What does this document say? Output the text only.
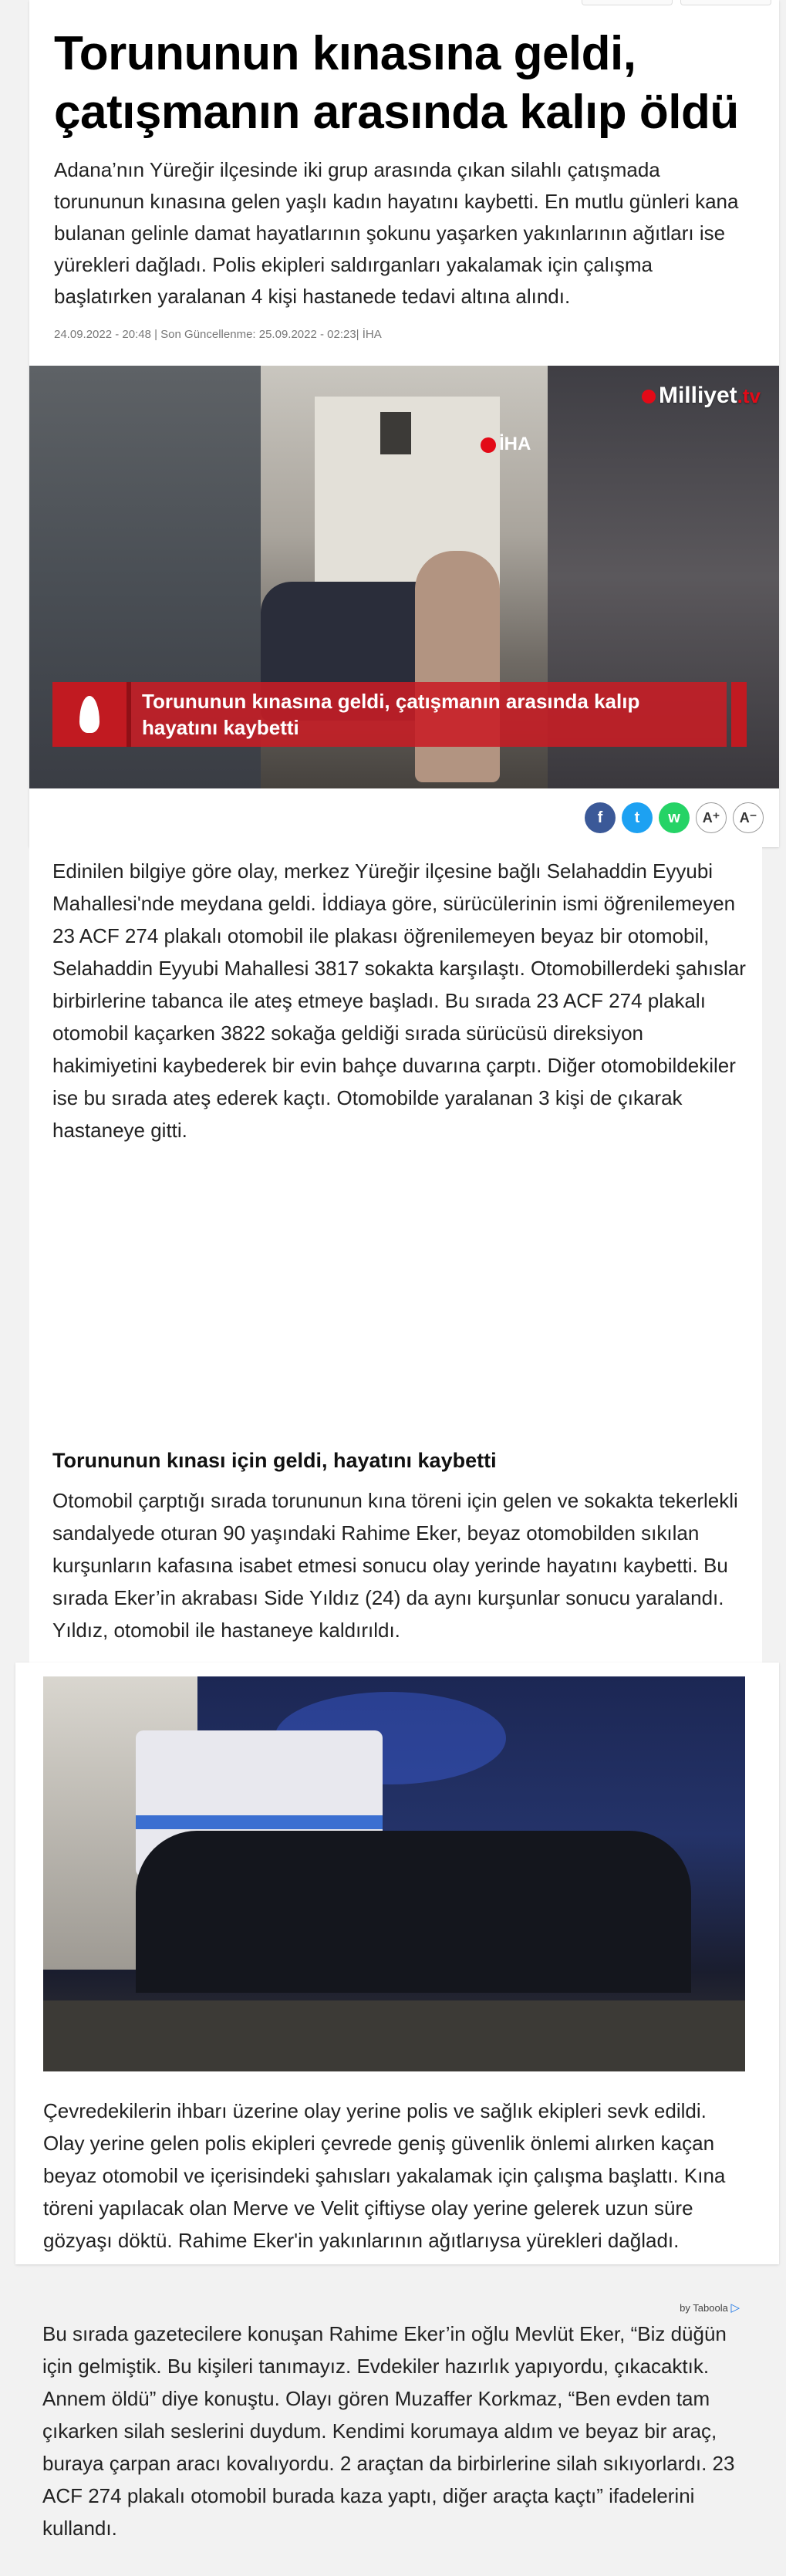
Torununun kınasına geldi, çatışmanın arasında kalıp öldü

Adana’nın Yüreğir ilçesinde iki grup arasında çıkan silahlı çatışmada torununun kınasına gelen yaşlı kadın hayatını kaybetti. En mutlu günleri kana bulanan gelinle damat hayatlarının şokunu yaşarken yakınlarının ağıtları ise yürekleri dağladı. Polis ekipleri saldırganları yakalamak için çalışma başlatırken yaralanan 4 kişi hastanede tedavi altına alındı.

24.09.2022 - 20:48 | Son Güncellenme: 25.09.2022 - 02:23| İHA

Milliyet.tv
İHA
Torununun kınasına geldi, çatışmanın arasında kalıp hayatını kaybetti
f	t	w	A⁺	A⁻

Edinilen bilgiye göre olay, merkez Yüreğir ilçesine bağlı Selahaddin Eyyubi Mahallesi'nde meydana geldi. İddiaya göre, sürücülerinin ismi öğrenilemeyen 23 ACF 274 plakalı otomobil ile plakası öğrenilemeyen beyaz bir otomobil, Selahaddin Eyyubi Mahallesi 3817 sokakta karşılaştı. Otomobillerdeki şahıslar birbirlerine tabanca ile ateş etmeye başladı. Bu sırada 23 ACF 274 plakalı otomobil kaçarken 3822 sokağa geldiği sırada sürücüsü direksiyon hakimiyetini kaybederek bir evin bahçe duvarına çarptı. Diğer otomobildekiler ise bu sırada ateş ederek kaçtı. Otomobilde yaralanan 3 kişi de çıkarak hastaneye gitti.

Torununun kınası için geldi, hayatını kaybetti

Otomobil çarptığı sırada torununun kına töreni için gelen ve sokakta tekerlekli sandalyede oturan 90 yaşındaki Rahime Eker, beyaz otomobilden sıkılan kurşunların kafasına isabet etmesi sonucu olay yerinde hayatını kaybetti. Bu sırada Eker’in akrabası Side Yıldız (24) da aynı kurşunlar sonucu yaralandı. Yıldız, otomobil ile hastaneye kaldırıldı.

Çevredekilerin ihbarı üzerine olay yerine polis ve sağlık ekipleri sevk edildi. Olay yerine gelen polis ekipleri çevrede geniş güvenlik önlemi alırken kaçan beyaz otomobil ve içerisindeki şahısları yakalamak için çalışma başlattı. Kına töreni yapılacak olan Merve ve Velit çiftiyse olay yerine gelerek uzun süre gözyaşı döktü. Rahime Eker'in yakınlarının ağıtlarıysa yürekleri dağladı.

by Taboola ▷

Bu sırada gazetecilere konuşan Rahime Eker’in oğlu Mevlüt Eker, “Biz düğün için gelmiştik. Bu kişileri tanımayız. Evdekiler hazırlık yapıyordu, çıkacaktık. Annem öldü” diye konuştu. Olayı gören Muzaffer Korkmaz, “Ben evden tam çıkarken silah seslerini duydum. Kendimi korumaya aldım ve beyaz bir araç, buraya çarpan aracı kovalıyordu. 2 araçtan da birbirlerine silah sıkıyorlardı. 23 ACF 274 plakalı otomobil burada kaza yaptı, diğer araçta kaçtı” ifadelerini kullandı.
